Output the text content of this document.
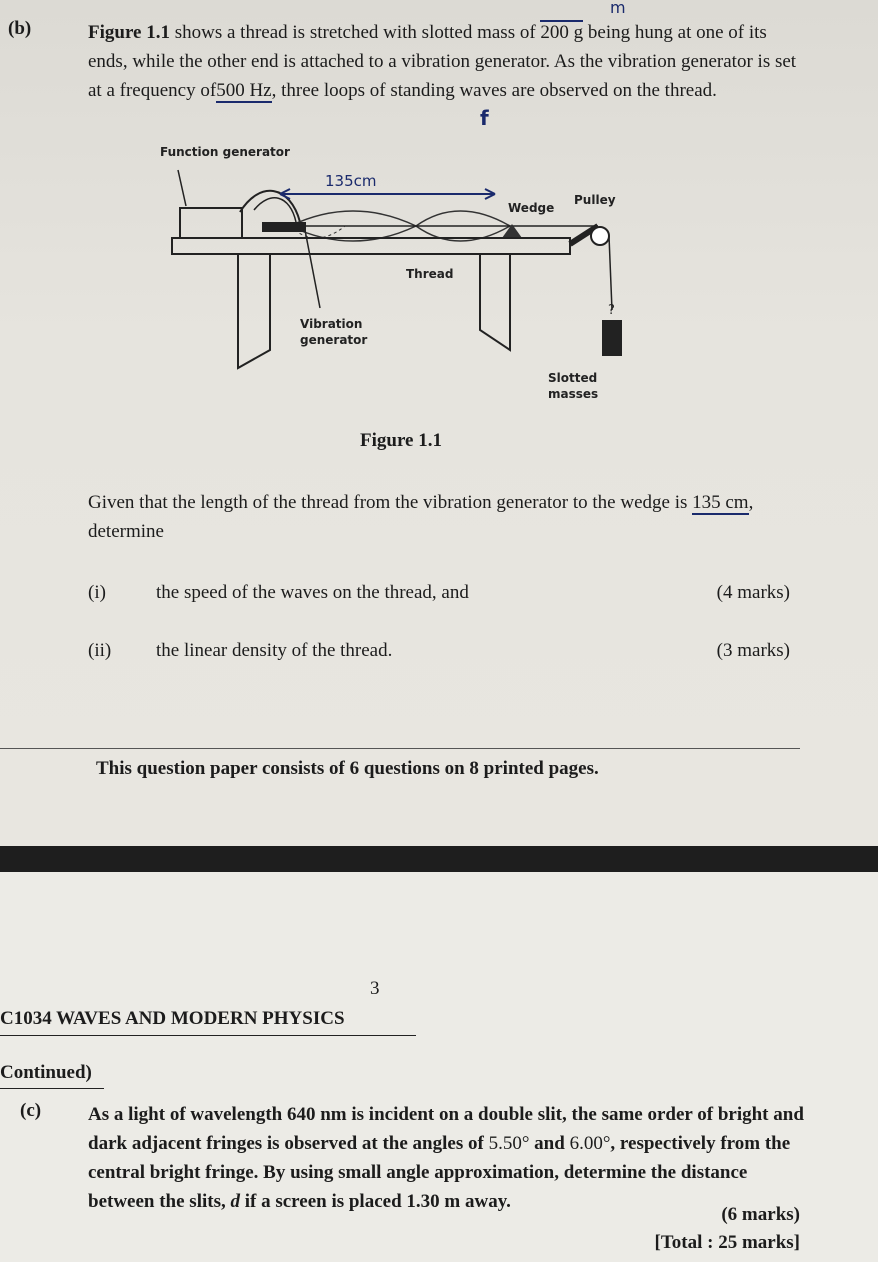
(b)	Figure 1.1 shows a thread is stretched with slotted mass of 200 g being hung at one of its ends, while the other end is attached to a vibration generator. As the vibration generator is set at a frequency of500 Hz, three loops of standing waves are observed on the thread.
m
f
Function generator
135cm
Wedge
Pulley
?
Thread
Vibration
generator
Slotted
masses
Figure 1.1
Given that the length of the thread from the vibration generator to the wedge is 135 cm, determine
(i)	the speed of the waves on the thread, and	(4 marks)
(ii) the linear density of the thread.	(3 marks)
This question paper consists of 6 questions on 8 printed pages.
3
C1034 WAVES AND MODERN PHYSICS
Continued)
(c) As a light of wavelength 640 nm is incident on a double slit, the same order of bright and dark adjacent fringes is observed at the angles of 5.50° and 6.00°, respectively from the central bright fringe. By using small angle approximation, determine the distance between the slits, d if a screen is placed 1.30 m away.
(6 marks)
[Total : 25 marks]
